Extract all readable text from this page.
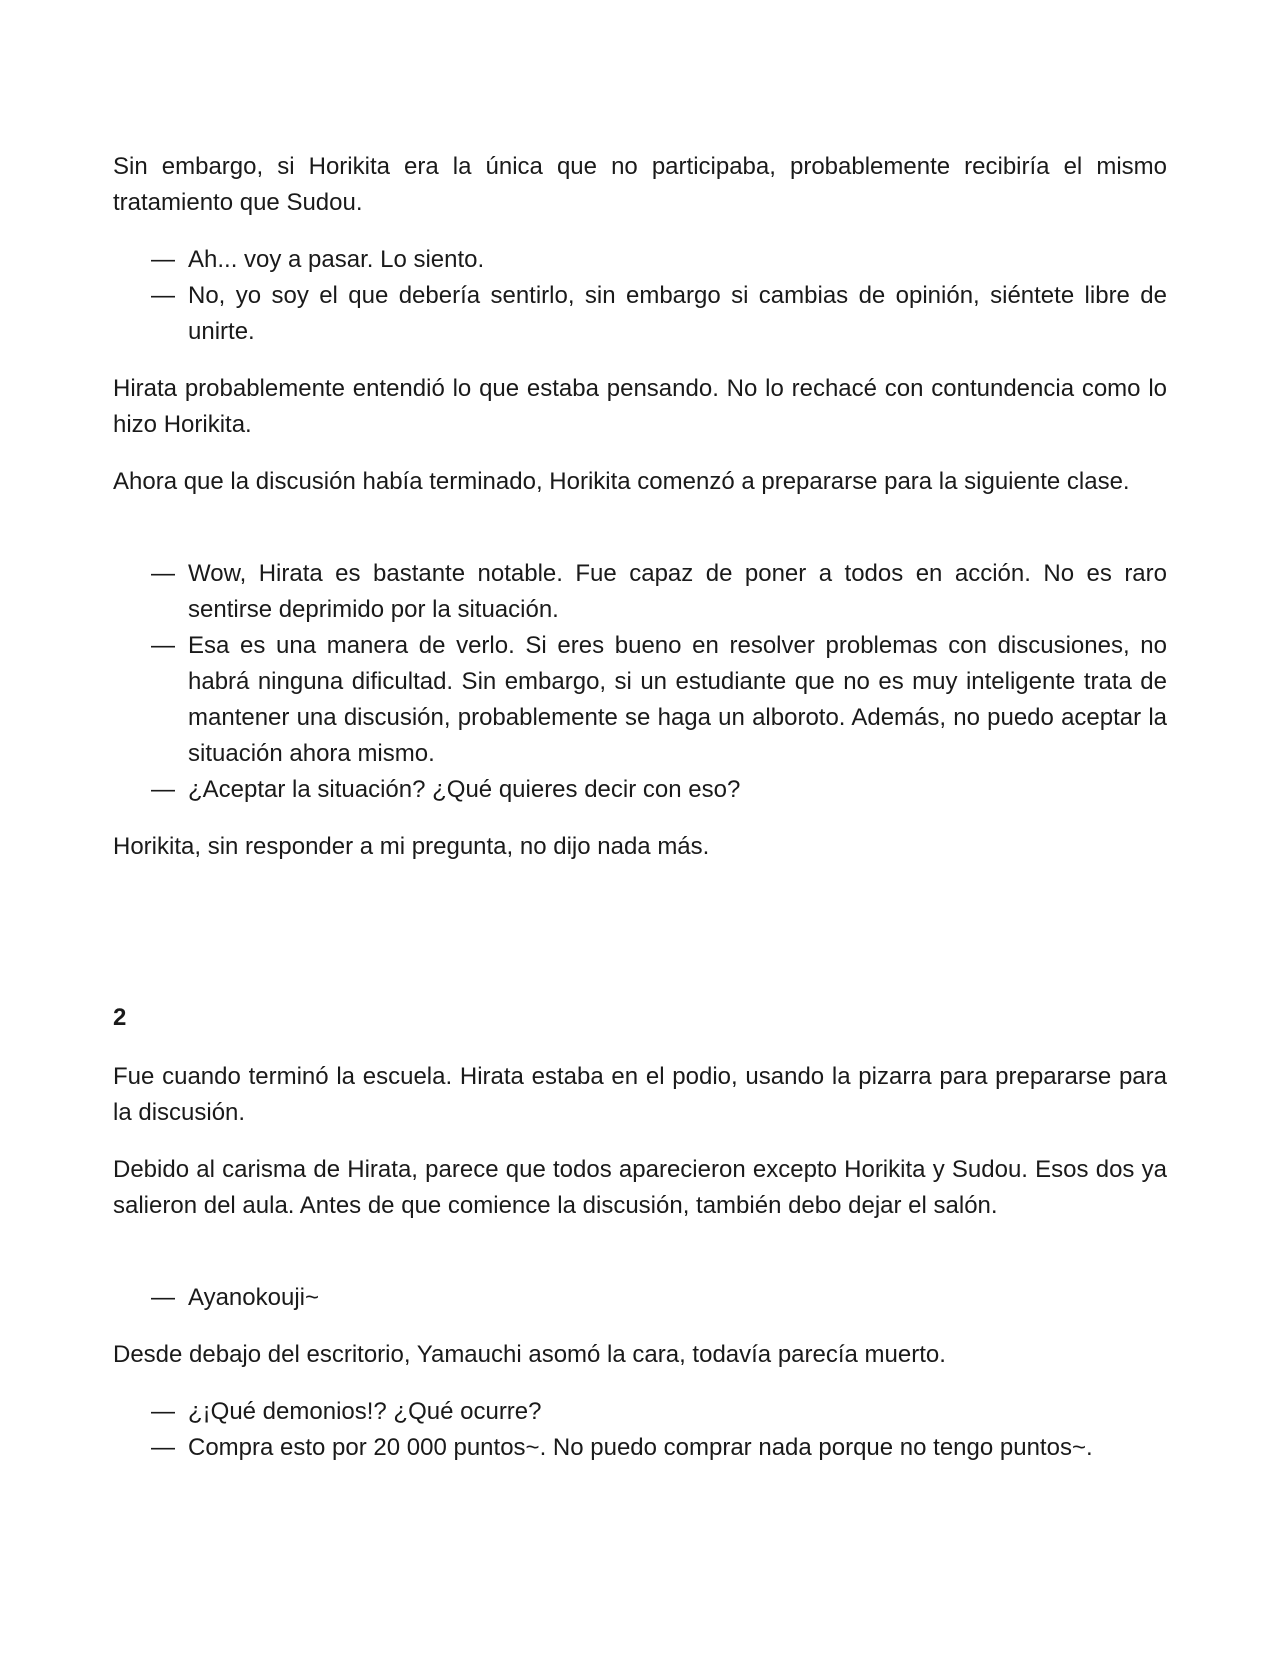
Sin embargo, si Horikita era la única que no participaba, probablemente recibiría el mismo tratamiento que Sudou.

— Ah... voy a pasar. Lo siento.
— No, yo soy el que debería sentirlo, sin embargo si cambias de opinión, siéntete libre de unirte.

Hirata probablemente entendió lo que estaba pensando. No lo rechacé con contundencia como lo hizo Horikita.

Ahora que la discusión había terminado, Horikita comenzó a prepararse para la siguiente clase.

— Wow, Hirata es bastante notable. Fue capaz de poner a todos en acción. No es raro sentirse deprimido por la situación.
— Esa es una manera de verlo. Si eres bueno en resolver problemas con discusiones, no habrá ninguna dificultad. Sin embargo, si un estudiante que no es muy inteligente trata de mantener una discusión, probablemente se haga un alboroto. Además, no puedo aceptar la situación ahora mismo.
— ¿Aceptar la situación? ¿Qué quieres decir con eso?

Horikita, sin responder a mi pregunta, no dijo nada más.

2

Fue cuando terminó la escuela. Hirata estaba en el podio, usando la pizarra para prepararse para la discusión.

Debido al carisma de Hirata, parece que todos aparecieron excepto Horikita y Sudou. Esos dos ya salieron del aula. Antes de que comience la discusión, también debo dejar el salón.

— Ayanokouji~

Desde debajo del escritorio, Yamauchi asomó la cara, todavía parecía muerto.

— ¿¡Qué demonios!? ¿Qué ocurre?
— Compra esto por 20 000 puntos~. No puedo comprar nada porque no tengo puntos~.
